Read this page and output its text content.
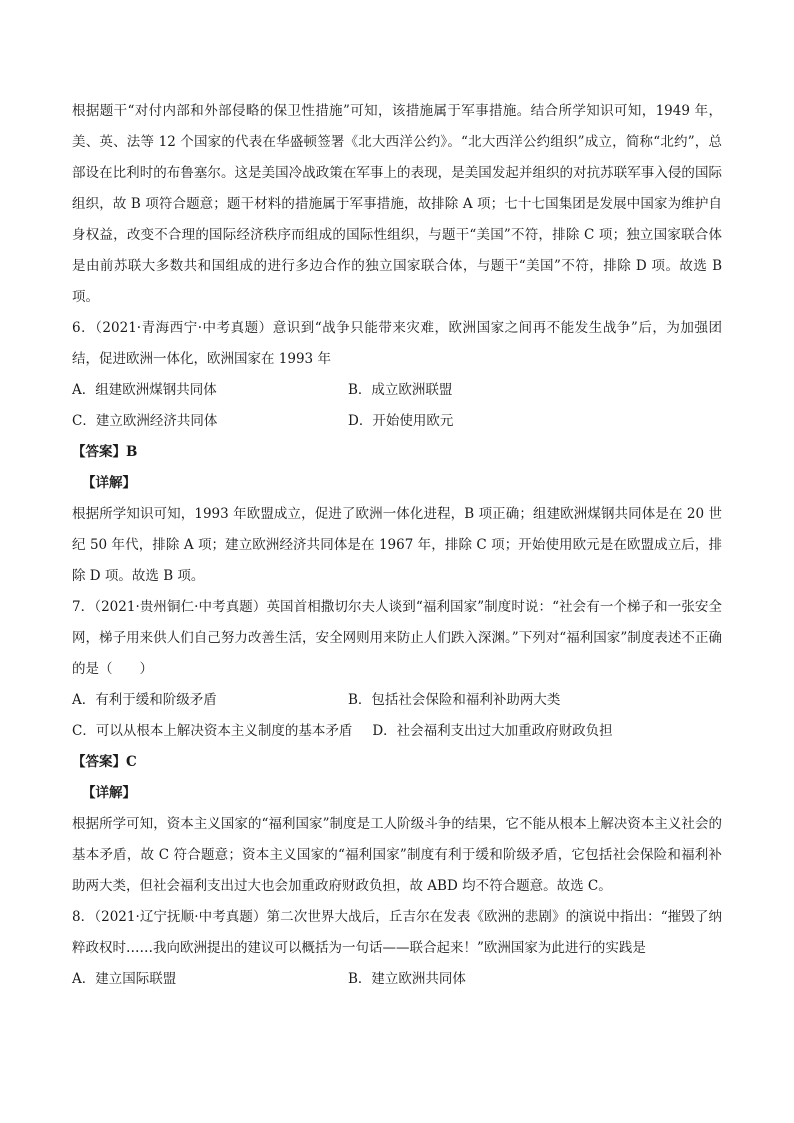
根据题干“对付内部和外部侵略的保卫性措施”可知，该措施属于军事措施。结合所学知识可知，1949 年，美、英、法等 12 个国家的代表在华盛顿签署《北大西洋公约》。“北大西洋公约组织”成立，简称“北约”，总部设在比利时的布鲁塞尔。这是美国冷战政策在军事上的表现，是美国发起并组织的对抗苏联军事入侵的国际组织，故 B 项符合题意；题干材料的措施属于军事措施，故排除 A 项；七十七国集团是发展中国家为维护自身权益，改变不合理的国际经济秩序而组成的国际性组织，与题干“美国”不符，排除 C 项；独立国家联合体是由前苏联大多数共和国组成的进行多边合作的独立国家联合体，与题干“美国”不符，排除 D 项。故选 B 项。

6．（2021·青海西宁·中考真题）意识到“战争只能带来灾难，欧洲国家之间再不能发生战争”后，为加强团结，促进欧洲一体化，欧洲国家在 1993 年

A．组建欧洲煤钢共同体	B．成立欧洲联盟
C．建立欧洲经济共同体	D．开始使用欧元

【答案】B

【详解】

根据所学知识可知，1993 年欧盟成立，促进了欧洲一体化进程，B 项正确；组建欧洲煤钢共同体是在 20 世纪 50 年代，排除 A 项；建立欧洲经济共同体是在 1967 年，排除 C 项；开始使用欧元是在欧盟成立后，排除 D 项。故选 B 项。

7．（2021·贵州铜仁·中考真题）英国首相撒切尔夫人谈到“福利国家”制度时说：“社会有一个梯子和一张安全网，梯子用来供人们自己努力改善生活，安全网则用来防止人们跌入深渊。”下列对“福利国家”制度表述不正确的是（　　）

A．有利于缓和阶级矛盾	B．包括社会保险和福利补助两大类
C．可以从根本上解决资本主义制度的基本矛盾 D．社会福利支出过大加重政府财政负担

【答案】C

【详解】

根据所学可知，资本主义国家的“福利国家”制度是工人阶级斗争的结果，它不能从根本上解决资本主义社会的基本矛盾，故 C 符合题意；资本主义国家的“福利国家”制度有利于缓和阶级矛盾，它包括社会保险和福利补助两大类，但社会福利支出过大也会加重政府财政负担，故 ABD 均不符合题意。故选 C。

8．（2021·辽宁抚顺·中考真题）第二次世界大战后，丘吉尔在发表《欧洲的悲剧》的演说中指出：“摧毁了纳粹政权时……我向欧洲提出的建议可以概括为一句话——联合起来！”欧洲国家为此进行的实践是

A．建立国际联盟	B．建立欧洲共同体
